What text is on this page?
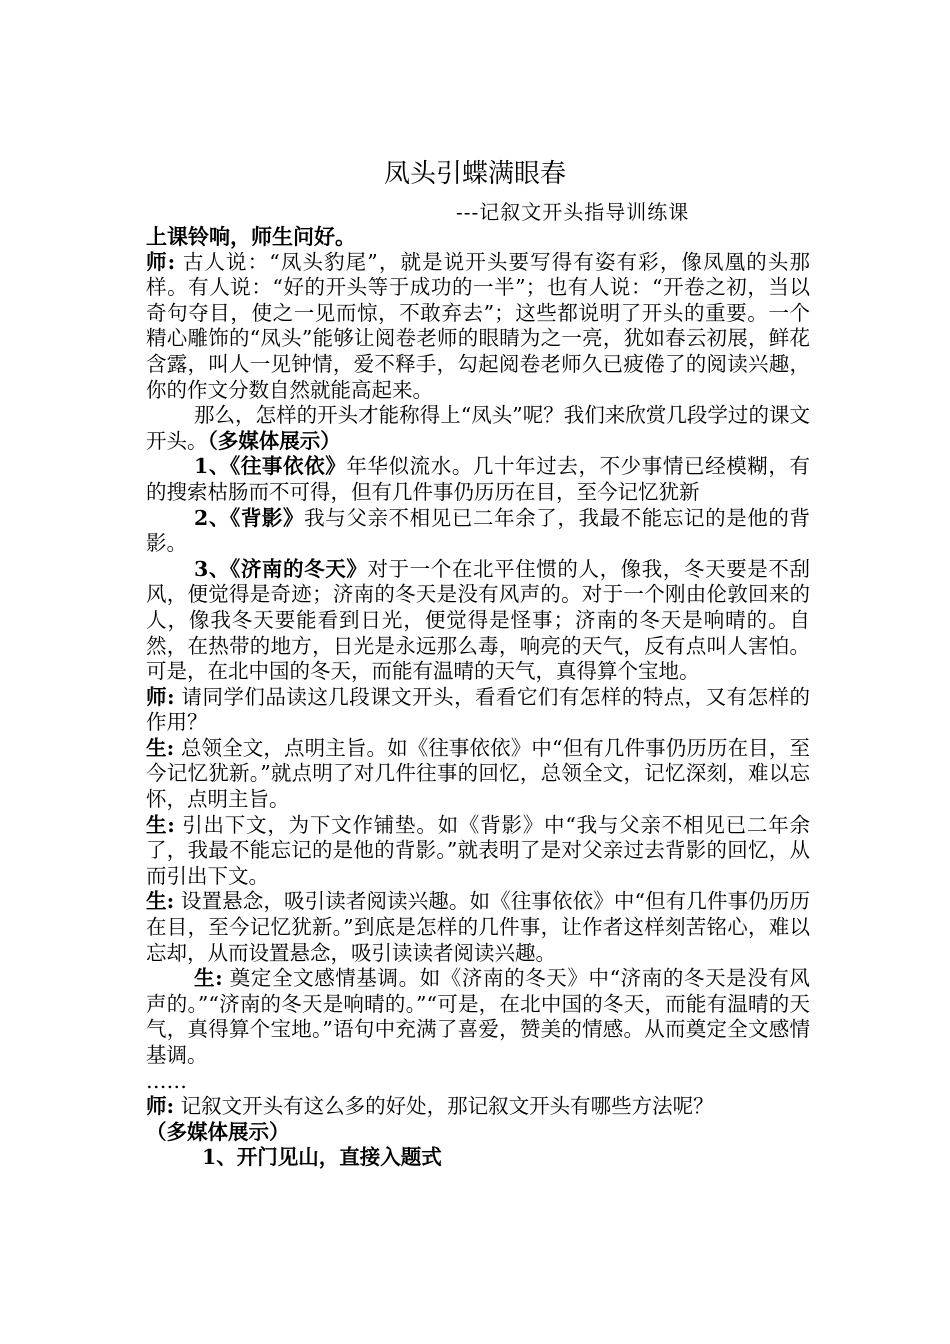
凤头引蝶满眼春
---记叙文开头指导训练课

上课铃响，师生问好。

师: 古人说：“凤头豹尾”，就是说开头要写得有姿有彩，像凤凰的头那样。有人说：“好的开头等于成功的一半”；也有人说：“开卷之初，当以奇句夺目，使之一见而惊，不敢弃去”；这些都说明了开头的重要。一个精心雕饰的“凤头”能够让阅卷老师的眼睛为之一亮，犹如春云初展，鲜花含露，叫人一见钟情，爱不释手，勾起阅卷老师久已疲倦了的阅读兴趣，你的作文分数自然就能高起来。

那么，怎样的开头才能称得上“凤头”呢？我们来欣赏几段学过的课文开头。（多媒体展示）

1、《往事依依》年华似流水。几十年过去，不少事情已经模糊，有的搜索枯肠而不可得，但有几件事仍历历在目，至今记忆犹新

2、《背影》我与父亲不相见已二年余了，我最不能忘记的是他的背影。

3、《济南的冬天》对于一个在北平住惯的人，像我，冬天要是不刮风，便觉得是奇迹；济南的冬天是没有风声的。对于一个刚由伦敦回来的人，像我冬天要能看到日光，便觉得是怪事；济南的冬天是响晴的。自然，在热带的地方，日光是永远那么毒，响亮的天气，反有点叫人害怕。可是，在北中国的冬天，而能有温晴的天气，真得算个宝地。

师: 请同学们品读这几段课文开头，看看它们有怎样的特点，又有怎样的作用？

生: 总领全文，点明主旨。如《往事依依》中“但有几件事仍历历在目，至今记忆犹新。”就点明了对几件往事的回忆，总领全文，记忆深刻，难以忘怀，点明主旨。

生: 引出下文，为下文作铺垫。如《背影》中“我与父亲不相见已二年余了，我最不能忘记的是他的背影。”就表明了是对父亲过去背影的回忆，从而引出下文。

生: 设置悬念，吸引读者阅读兴趣。如《往事依依》中“但有几件事仍历历在目，至今记忆犹新。”到底是怎样的几件事，让作者这样刻苦铭心，难以忘却，从而设置悬念，吸引读读者阅读兴趣。

生: 奠定全文感情基调。如《济南的冬天》中“济南的冬天是没有风声的。”“济南的冬天是响晴的。”“可是，在北中国的冬天，而能有温晴的天气，真得算个宝地。”语句中充满了喜爱，赞美的情感。从而奠定全文感情基调。

……

师: 记叙文开头有这么多的好处，那记叙文开头有哪些方法呢？

（多媒体展示）

1、开门见山，直接入题式
